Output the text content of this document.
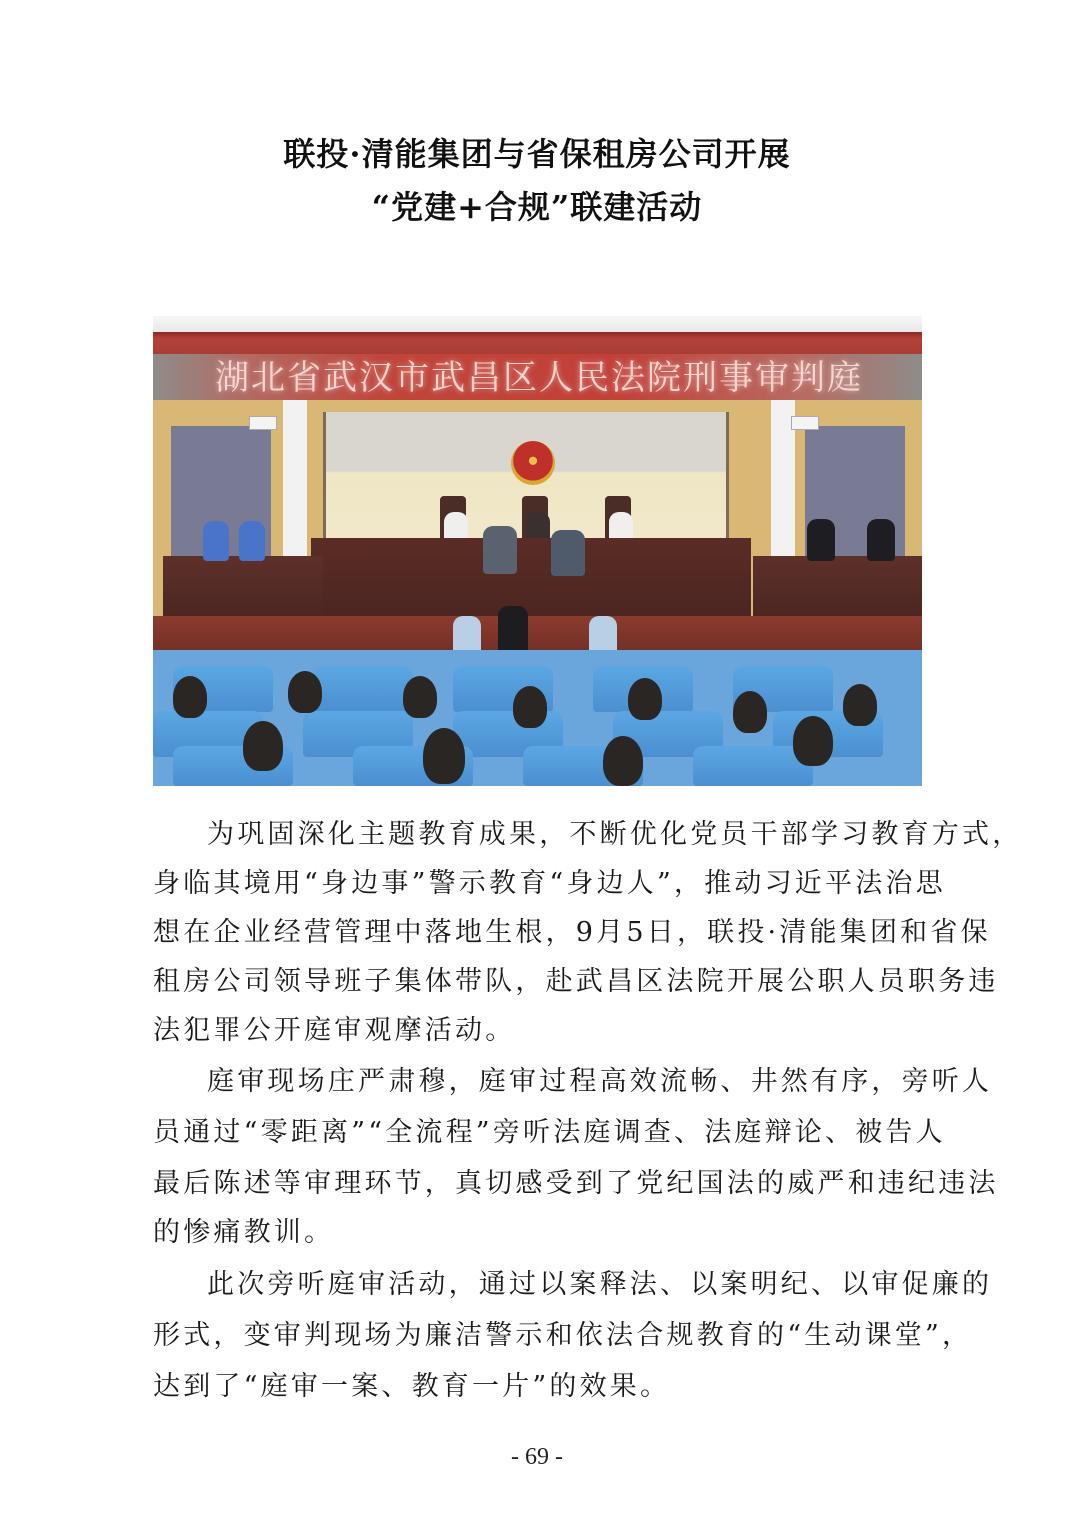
联投·清能集团与省保租房公司开展
“党建+合规”联建活动
湖北省武汉市武昌区人民法院刑事审判庭
为巩固深化主题教育成果，不断优化党员干部学习教育方式，
身临其境用“身边事”警示教育“身边人”，推动习近平法治思
想在企业经营管理中落地生根，9月5日，联投·清能集团和省保
租房公司领导班子集体带队，赴武昌区法院开展公职人员职务违
法犯罪公开庭审观摩活动。
庭审现场庄严肃穆，庭审过程高效流畅、井然有序，旁听人
员通过“零距离”“全流程”旁听法庭调查、法庭辩论、被告人
最后陈述等审理环节，真切感受到了党纪国法的威严和违纪违法
的惨痛教训。
此次旁听庭审活动，通过以案释法、以案明纪、以审促廉的
形式，变审判现场为廉洁警示和依法合规教育的“生动课堂”，
达到了“庭审一案、教育一片”的效果。
- 69 -
